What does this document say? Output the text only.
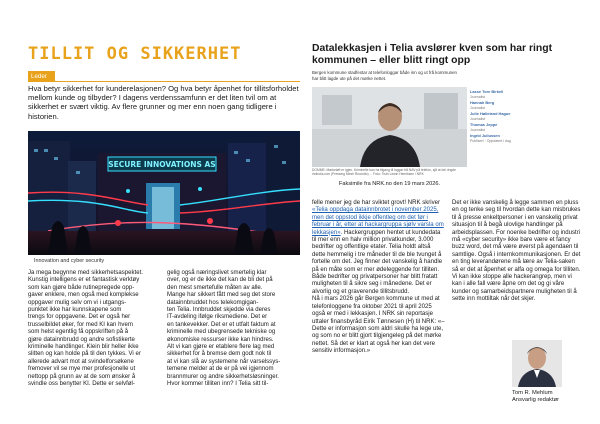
TILLIT OG SIKKERHET
Leder
Hva betyr sikkerhet for kunderelasjonen? Og hva betyr åpenhet for tillitsforholdet mellom kunde og tilbyder? I dagens verdenssamfunn er det liten tvil om at sikkerhet er svært viktig. Av flere grunner og mer enn noen gang tidligere i historien.
SECURE INNOVATIONS AS
Innovation and cyber security
Ja mega begynne med sikkerhetsaspektet.
Kunstig intelligens er et fantastisk verktøy
som kan gjøre både rutinepregede opp-
gaver enklere, men også med komplekse
oppgaver mulig selv om vi i utgangs-
punktet ikke har kunnskapene som
trengs for oppgavene. Det er også her
trusselbildet øker, for med KI kan hvem
som helst egentlig få oppskriften på å
gjøre datainnbrudd og andre sofistikerte
kriminelle handlinger. Klein blir heller ikke
slitten og kan holde på til den tykkes. Vi er
allerede advart mot at svindelforsøkene
fremover vil se mye mer profesjonelle ut
nettopp på grunn av at de som ønsker å
svindle oss benytter KI. Dette er selvføl-
gelig også næringslivet smertelig klar
over, og er de ikke det kan de bli det på
den mest smertefulle måten av alle.
Mange har sikkert fått med seg det store
datainnbruddet hos telekomgigan-
ten Telia. Innbruddet skjedde via deres
IT-avdeling ifølge riksmediene. Det er
en tankevekker. Det er et utfalt faktum at
kriminelle med ubegrensede tekniske og
økonomiske ressurser ikke kan hindres.
Alt vi kan gjøre er etablere flere lag med
sikkerhet for å bremse dem godt nok til
at vi kan slå av systemene når varselssys-
temene melder at de er på vei igjennom
brannmurer og andre sikkerhetsløsninger.
Hvor kommer tilliten inn? I Telia sitt til-
Datalekkasjen i Telia avslører kven som har ringt kommunen – eller blitt ringt opp
Bergen kommune stadfestar at telefonloggar både inn og ut frå kommunen har blitt lagde ute på det mørke nettet.
DOMME: Mørkeløft er igjen. Kriminelle kan ha tilgang til loggar frå NAV på telefon, sjå at dei ringde innboks-rom (Pressing Mesh Ricciotto) ... Foto: Truls Lewin Henriksen / NRK
Lasse Tore Birkeli
Journalist
Hannah Berg
Journalist
Julie Hølleland Hague
Journalist
Thomas Jeppe
Journalist
Ingrid Juliussen
Publisert · Oppdatert i dag
Faksimile fra NRK.no den 19 mars 2026.
felle mener jeg de har sviktet grovt! NRK skriver «Telia oppdaga datainnbrotet i november 2025, men det oppstod ikkje offentleg om det før i februar i år, etter at hackargruppa sjølv varsla om lekkasjen». Hackergruppen hentet ut kundedata til mer enn en halv million privatkunder, 3.000 bedrifter og offentlige etater. Telia holdt altså dette hemmelig i tre måneder til de ble tvunget å fortelle om det. Jeg finner det vanskelig å handle på en måte som er mer ødeleggende for tilliten. Både bedrifter og privatpersoner har blitt fratatt muligheten til å sikre seg i månedene. Det er alvorlig og et graverende tillitsbrudd.
Nå i mars 2026 går Bergen kommune ut med at telefonloggene fra oktober 2021 til april 2025 også er med i lekkasjen. I NRK sin reportasje uttaler finansbyråd Eirik Tønnesen (H) til NRK: «– Dette er informasjon som aldri skulle ha lege ute, og som no er blitt gjort tilgjengeleg på det mørke nettet. Så det er klart at også her kan det vere sensitiv informasjon.»
Det er ikke vanskelig å legge sammen en pluss en og tenke seg til hvordan dette kan misbrukes til å presse enkeltpersoner i en vanskelig privat situasjon til å begå ulovlige handlinger på arbeidsplassen. For noenke bedrifter og industri må «cyber security» ikke bare være et fancy buzz word, det må være øverst på agendaen til samtlige. Også i internkommunikasjonen. Er det en ting leverandørene må lære av Telia-saken så er det at åpenhet er alfa og omega for tilliten. Vi kan ikke stoppe alle hackerangrep, men vi kan i alle fall være åpne om det og gi våre kunder og samarbeidspartnere muligheten til å sette inn mottiltak når det skjer.
Tom R. Mehlum
Ansvarlig redaktør
